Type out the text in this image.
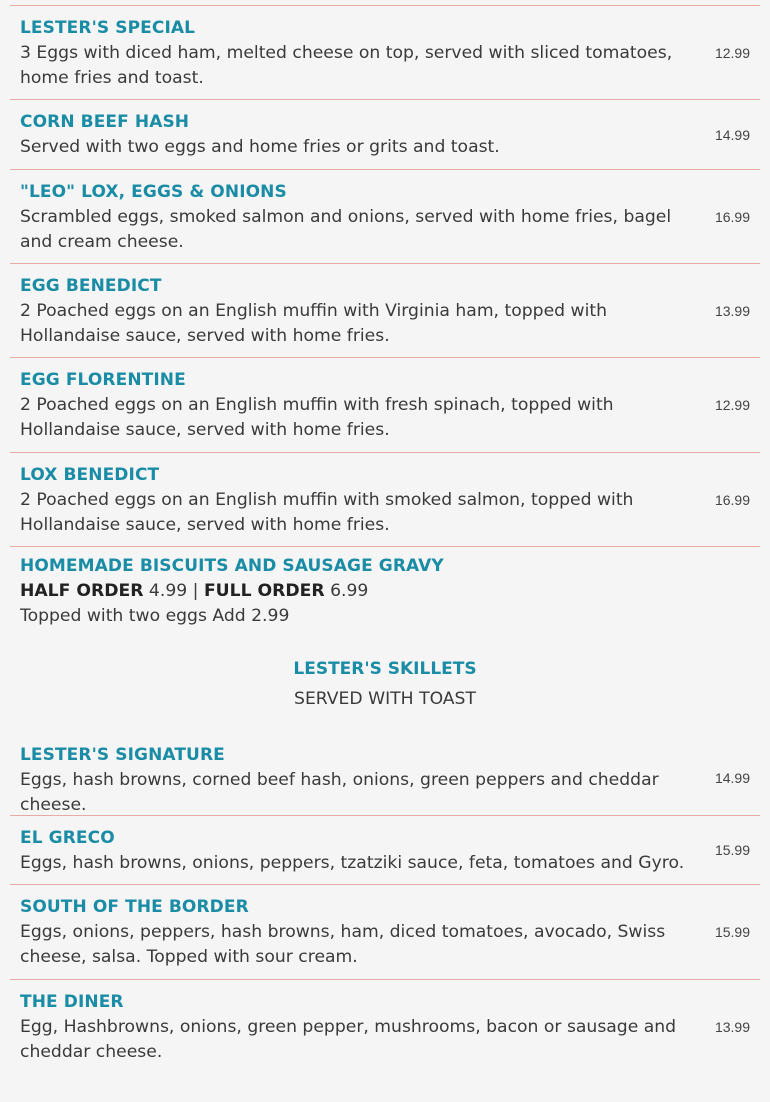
LESTER'S SPECIAL
3 Eggs with diced ham, melted cheese on top, served with sliced tomatoes, home fries and toast.
12.99
CORN BEEF HASH
Served with two eggs and home fries or grits and toast.
14.99
"LEO" LOX, EGGS & ONIONS
Scrambled eggs, smoked salmon and onions, served with home fries, bagel and cream cheese.
16.99
EGG BENEDICT
2 Poached eggs on an English muffin with Virginia ham, topped with Hollandaise sauce, served with home fries.
13.99
EGG FLORENTINE
2 Poached eggs on an English muffin with fresh spinach, topped with Hollandaise sauce, served with home fries.
12.99
LOX BENEDICT
2 Poached eggs on an English muffin with smoked salmon, topped with Hollandaise sauce, served with home fries.
16.99
HOMEMADE BISCUITS AND SAUSAGE GRAVY
HALF ORDER 4.99 | FULL ORDER 6.99
Topped with two eggs Add 2.99
LESTER'S SKILLETS
SERVED WITH TOAST
LESTER'S SIGNATURE
Eggs, hash browns, corned beef hash, onions, green peppers and cheddar cheese.
14.99
EL GRECO
Eggs, hash browns, onions, peppers, tzatziki sauce, feta, tomatoes and Gyro.
15.99
SOUTH OF THE BORDER
Eggs, onions, peppers, hash browns, ham, diced tomatoes, avocado, Swiss cheese, salsa. Topped with sour cream.
15.99
THE DINER
Egg, Hashbrowns, onions, green pepper, mushrooms, bacon or sausage and cheddar cheese.
13.99
